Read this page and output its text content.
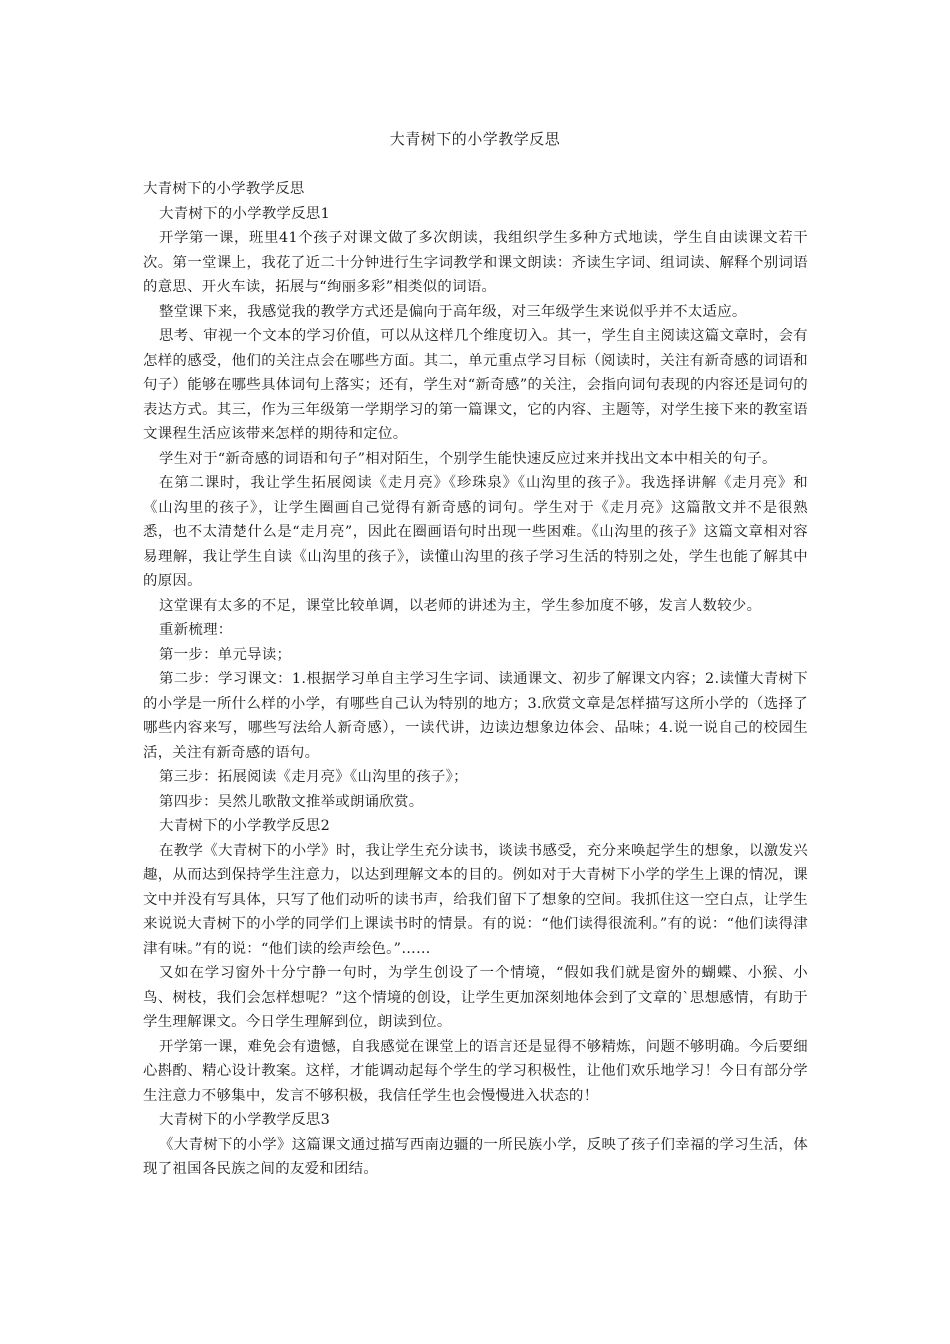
大青树下的小学教学反思

大青树下的小学教学反思

大青树下的小学教学反思1

开学第一课，班里41个孩子对课文做了多次朗读，我组织学生多种方式地读，学生自由读课文若干次。第一堂课上，我花了近二十分钟进行生字词教学和课文朗读：齐读生字词、组词读、解释个别词语的意思、开火车读，拓展与“绚丽多彩”相类似的词语。

整堂课下来，我感觉我的教学方式还是偏向于高年级，对三年级学生来说似乎并不太适应。

思考、审视一个文本的学习价值，可以从这样几个维度切入。其一，学生自主阅读这篇文章时，会有怎样的感受，他们的关注点会在哪些方面。其二，单元重点学习目标（阅读时，关注有新奇感的词语和句子）能够在哪些具体词句上落实；还有，学生对“新奇感”的关注，会指向词句表现的内容还是词句的表达方式。其三，作为三年级第一学期学习的第一篇课文，它的内容、主题等，对学生接下来的教室语文课程生活应该带来怎样的期待和定位。

学生对于“新奇感的词语和句子”相对陌生，个别学生能快速反应过来并找出文本中相关的句子。

在第二课时，我让学生拓展阅读《走月亮》《珍珠泉》《山沟里的孩子》。我选择讲解《走月亮》和《山沟里的孩子》，让学生圈画自己觉得有新奇感的词句。学生对于《走月亮》这篇散文并不是很熟悉，也不太清楚什么是“走月亮”，因此在圈画语句时出现一些困难。《山沟里的孩子》这篇文章相对容易理解，我让学生自读《山沟里的孩子》，读懂山沟里的孩子学习生活的特别之处，学生也能了解其中的原因。

这堂课有太多的不足，课堂比较单调，以老师的讲述为主，学生参加度不够，发言人数较少。

重新梳理：

第一步：单元导读；

第二步：学习课文：1.根据学习单自主学习生字词、读通课文、初步了解课文内容；2.读懂大青树下的小学是一所什么样的小学，有哪些自己认为特别的地方；3.欣赏文章是怎样描写这所小学的（选择了哪些内容来写，哪些写法给人新奇感），一读代讲，边读边想象边体会、品味；4.说一说自己的校园生活，关注有新奇感的语句。

第三步：拓展阅读《走月亮》《山沟里的孩子》；

第四步：吴然儿歌散文推举或朗诵欣赏。

大青树下的小学教学反思2

在教学《大青树下的小学》时，我让学生充分读书，谈读书感受，充分来唤起学生的想象，以激发兴趣，从而达到保持学生注意力，以达到理解文本的目的。例如对于大青树下小学的学生上课的情况，课文中并没有写具体，只写了他们动听的读书声，给我们留下了想象的空间。我抓住这一空白点，让学生来说说大青树下的小学的同学们上课读书时的情景。有的说：“他们读得很流利。”有的说：“他们读得津津有味。”有的说：“他们读的绘声绘色。”……

又如在学习窗外十分宁静一句时，为学生创设了一个情境，“假如我们就是窗外的蝴蝶、小猴、小鸟、树枝，我们会怎样想呢？”这个情境的创设，让学生更加深刻地体会到了文章的`思想感情，有助于学生理解课文。今日学生理解到位，朗读到位。

开学第一课，难免会有遗憾，自我感觉在课堂上的语言还是显得不够精炼，问题不够明确。今后要细心斟酌、精心设计教案。这样，才能调动起每个学生的学习积极性，让他们欢乐地学习！今日有部分学生注意力不够集中，发言不够积极，我信任学生也会慢慢进入状态的！

大青树下的小学教学反思3

《大青树下的小学》这篇课文通过描写西南边疆的一所民族小学，反映了孩子们幸福的学习生活，体现了祖国各民族之间的友爱和团结。
